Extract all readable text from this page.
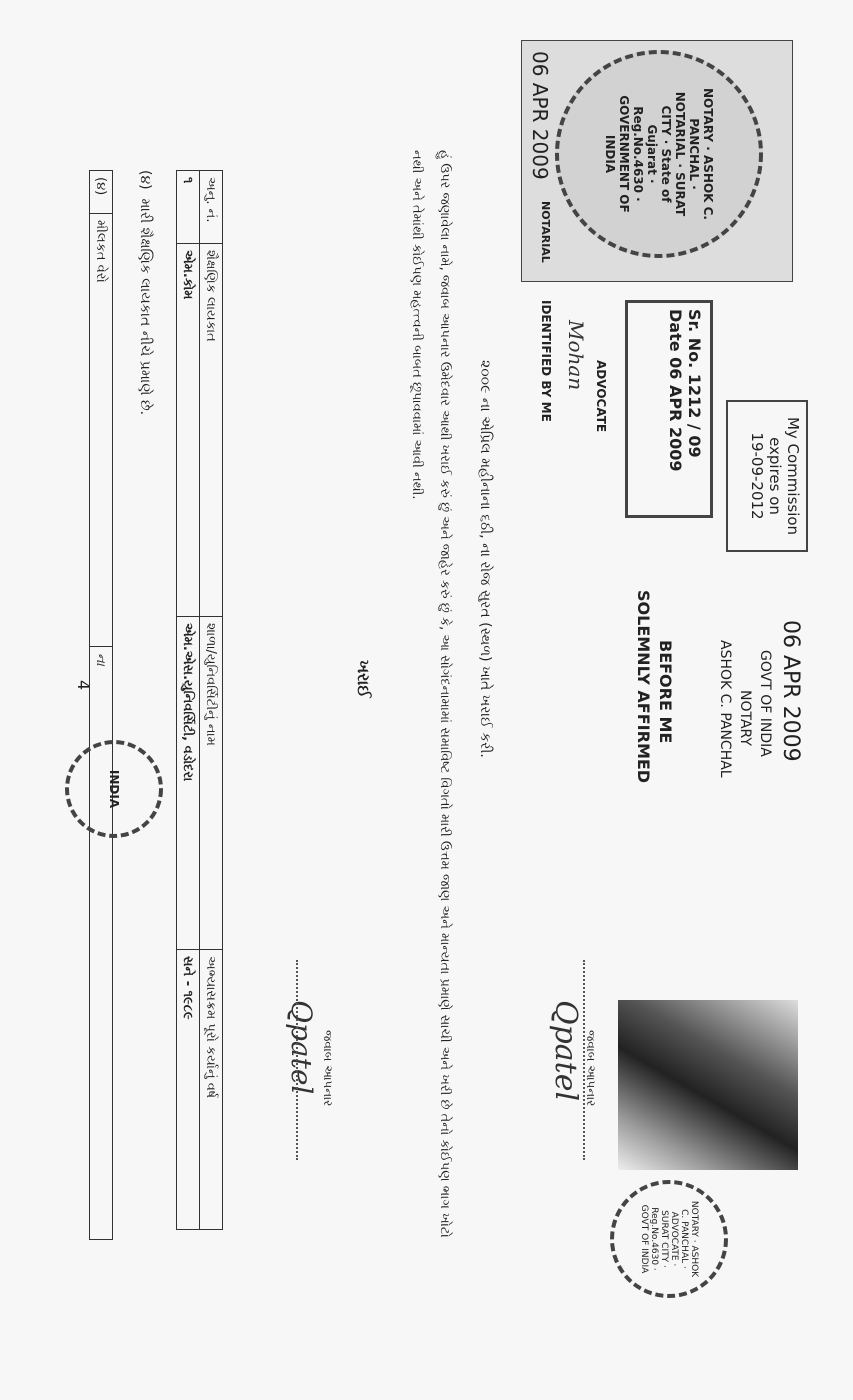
4
(૪)	મીલકત વેરો	ના
(૪)  મારી શૈક્ષણિક લાયકાત નીચે પ્રમાણે છે.	અનુ. નં.	શૈક્ષણિક લાયકાત	શાળા/યુનિવર્સિટીનું નામ	અભ્યાસક્રમ પૂરો કર્યાનું વર્ષ
૧	એમ.કોમ	એમ.એસ.યુનિવર્સિટી, વડોદરા	સને - ૧૯૮૯
INDIA
Qpatel જવાબ આપનાર
ખરાઈ	હું ઉપર જણાવેલા નામે, જવાબ આપનાર ઉમેદવાર આથી ખરાઈ કરું છું અને જાહેર કરું છું કે, આ સોગંદનામામાં સમાવિષ્ટ વિગતો મારી ઉત્તમ જાણ અને માન્યતા પ્રમાણે સાચી અને ખરી છે તેનો કોઈપણ ભાગ ખોટો નથી અને તેમાંથી કોઈપણ મહત્ત્વની બાબત છૂપાવવામાં આવી નથી.
૨૦૦૯ ના એપ્રિલ મહીનાના ૬ઠી, ના રોજ સુરત (સ્થળ) ખાતે ખરાઈ કરી.
Qpatel જવાબ આપનાર
NOTARY · ASHOK C. PANCHAL · ADVOCATE · SURAT CITY · Reg.No.4630 · GOVT OF INDIA
IDENTIFIED BY ME Mohan
ADVOCATE
Sr. No. 1212 / 09
Date 06 APR 2009
My Commission
expires on
19-09-2012
SOLEMNLY AFFIRMED BEFORE ME	ASHOK C. PANCHAL NOTARY GOVT OF INDIA 06 APR 2009
NOTARIAL
06 APR 2009	NOTARY · ASHOK C. PANCHAL · NOTARIAL · SURAT CITY · State of Gujarat · Reg.No.4630 · GOVERNMENT OF INDIA
